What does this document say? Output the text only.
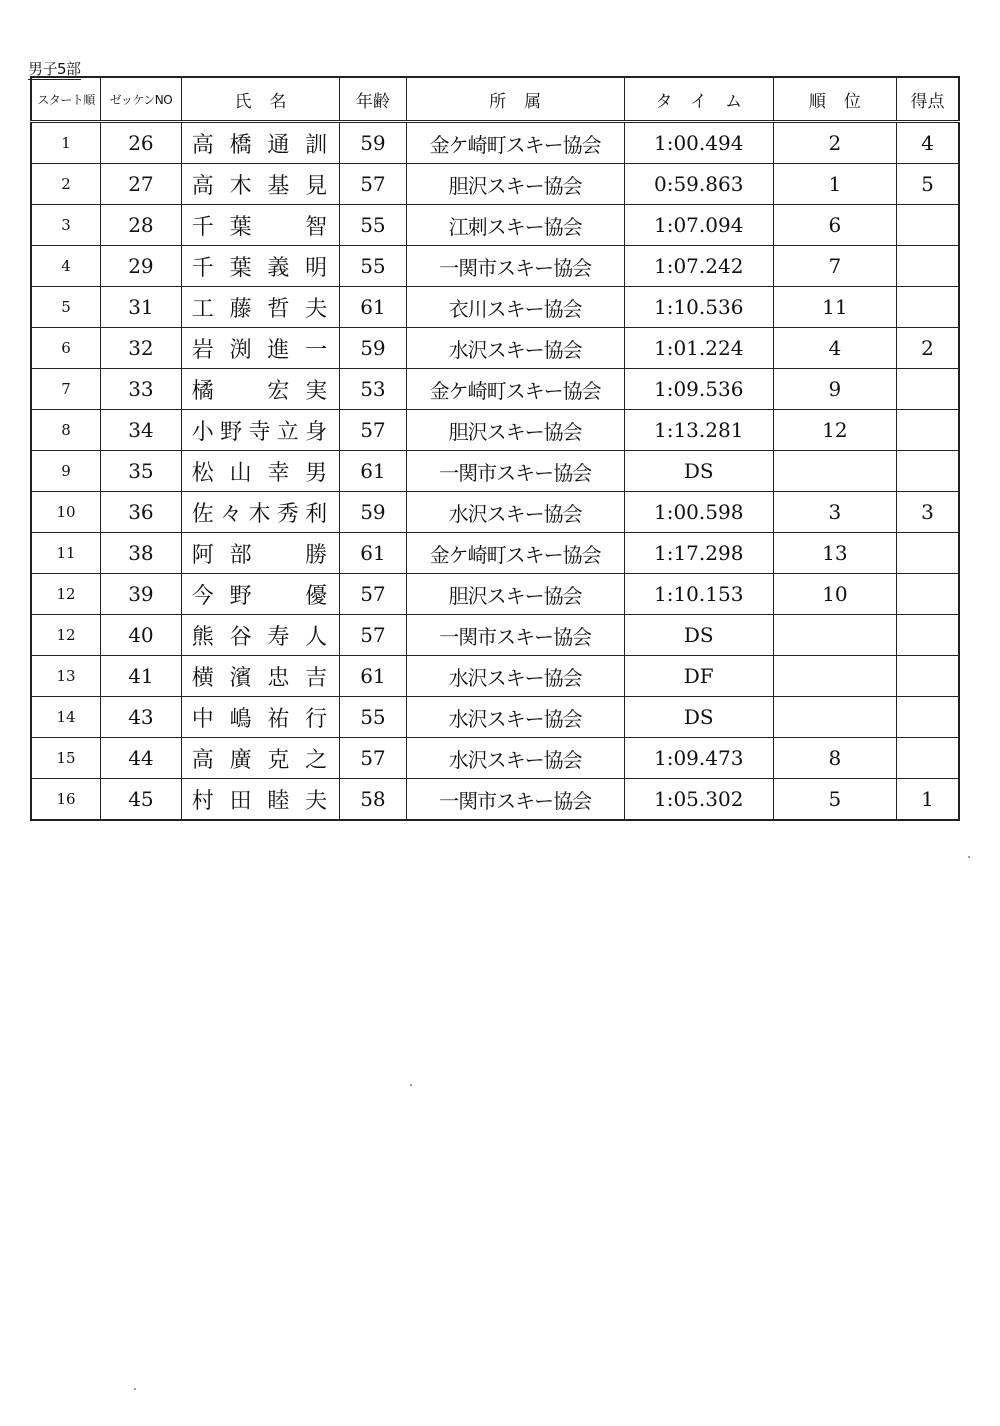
男子5部
スタート順	ゼッケンNO	氏名	年齢	所属	タイム	順位	得点
1	26	高橋通訓	59	金ケ崎町スキー協会	1:00.494	2	4
2	27	高木基見	57	胆沢スキー協会	0:59.863	1	5
3	28	千葉　智	55	江刺スキー協会	1:07.094	6	
4	29	千葉義明	55	一関市スキー協会	1:07.242	7	
5	31	工藤哲夫	61	衣川スキー協会	1:10.536	11	
6	32	岩渕進一	59	水沢スキー協会	1:01.224	4	2
7	33	橘　宏実	53	金ケ崎町スキー協会	1:09.536	9	
8	34	小野寺立身	57	胆沢スキー協会	1:13.281	12	
9	35	松山幸男	61	一関市スキー協会	DS		
10	36	佐々木秀利	59	水沢スキー協会	1:00.598	3	3
11	38	阿部　勝	61	金ケ崎町スキー協会	1:17.298	13	
12	39	今野　優	57	胆沢スキー協会	1:10.153	10	
12	40	熊谷寿人	57	一関市スキー協会	DS		
13	41	横濱忠吉	61	水沢スキー協会	DF		
14	43	中嶋祐行	55	水沢スキー協会	DS		
15	44	高廣克之	57	水沢スキー協会	1:09.473	8	
16	45	村田睦夫	58	一関市スキー協会	1:05.302	5	1
